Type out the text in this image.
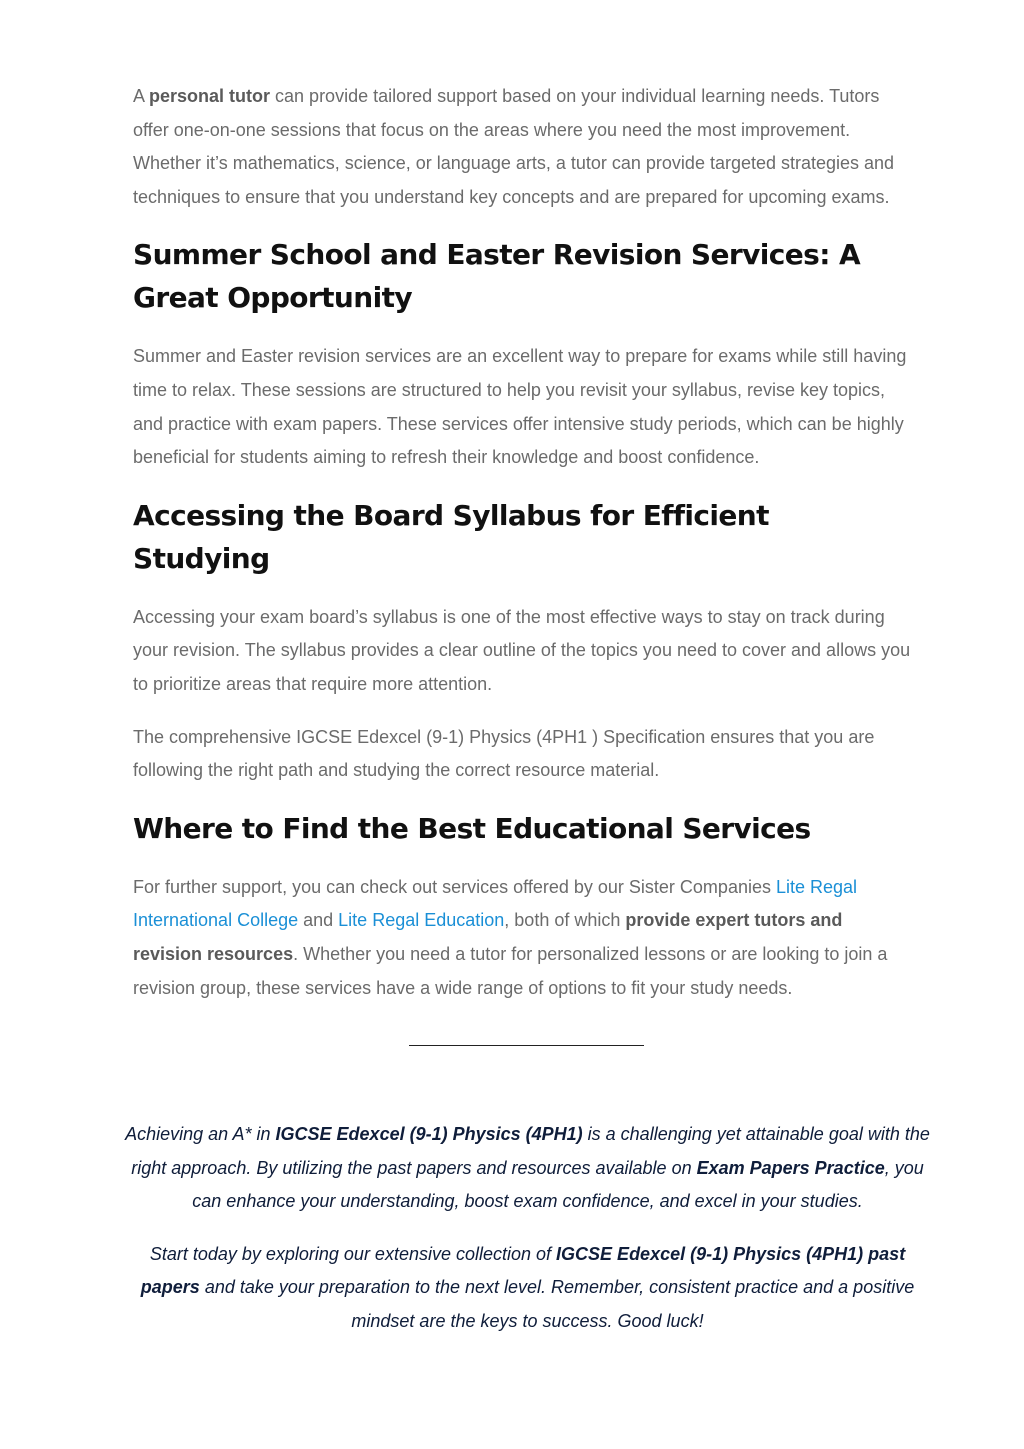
A personal tutor can provide tailored support based on your individual learning needs. Tutors offer one-on-one sessions that focus on the areas where you need the most improvement. Whether it’s mathematics, science, or language arts, a tutor can provide targeted strategies and techniques to ensure that you understand key concepts and are prepared for upcoming exams.

Summer School and Easter Revision Services: A Great Opportunity

Summer and Easter revision services are an excellent way to prepare for exams while still having time to relax. These sessions are structured to help you revisit your syllabus, revise key topics, and practice with exam papers. These services offer intensive study periods, which can be highly beneficial for students aiming to refresh their knowledge and boost confidence.

Accessing the Board Syllabus for Efficient Studying

Accessing your exam board’s syllabus is one of the most effective ways to stay on track during your revision. The syllabus provides a clear outline of the topics you need to cover and allows you to prioritize areas that require more attention.

The comprehensive IGCSE Edexcel (9-1) Physics (4PH1 ) Specification ensures that you are following the right path and studying the correct resource material.

Where to Find the Best Educational Services

For further support, you can check out services offered by our Sister Companies Lite Regal International College and Lite Regal Education, both of which provide expert tutors and revision resources. Whether you need a tutor for personalized lessons or are looking to join a revision group, these services have a wide range of options to fit your study needs.

Achieving an A* in IGCSE Edexcel (9-1) Physics (4PH1) is a challenging yet attainable goal with the right approach. By utilizing the past papers and resources available on Exam Papers Practice, you can enhance your understanding, boost exam confidence, and excel in your studies.

Start today by exploring our extensive collection of IGCSE Edexcel (9-1) Physics (4PH1) past papers and take your preparation to the next level. Remember, consistent practice and a positive mindset are the keys to success. Good luck!
